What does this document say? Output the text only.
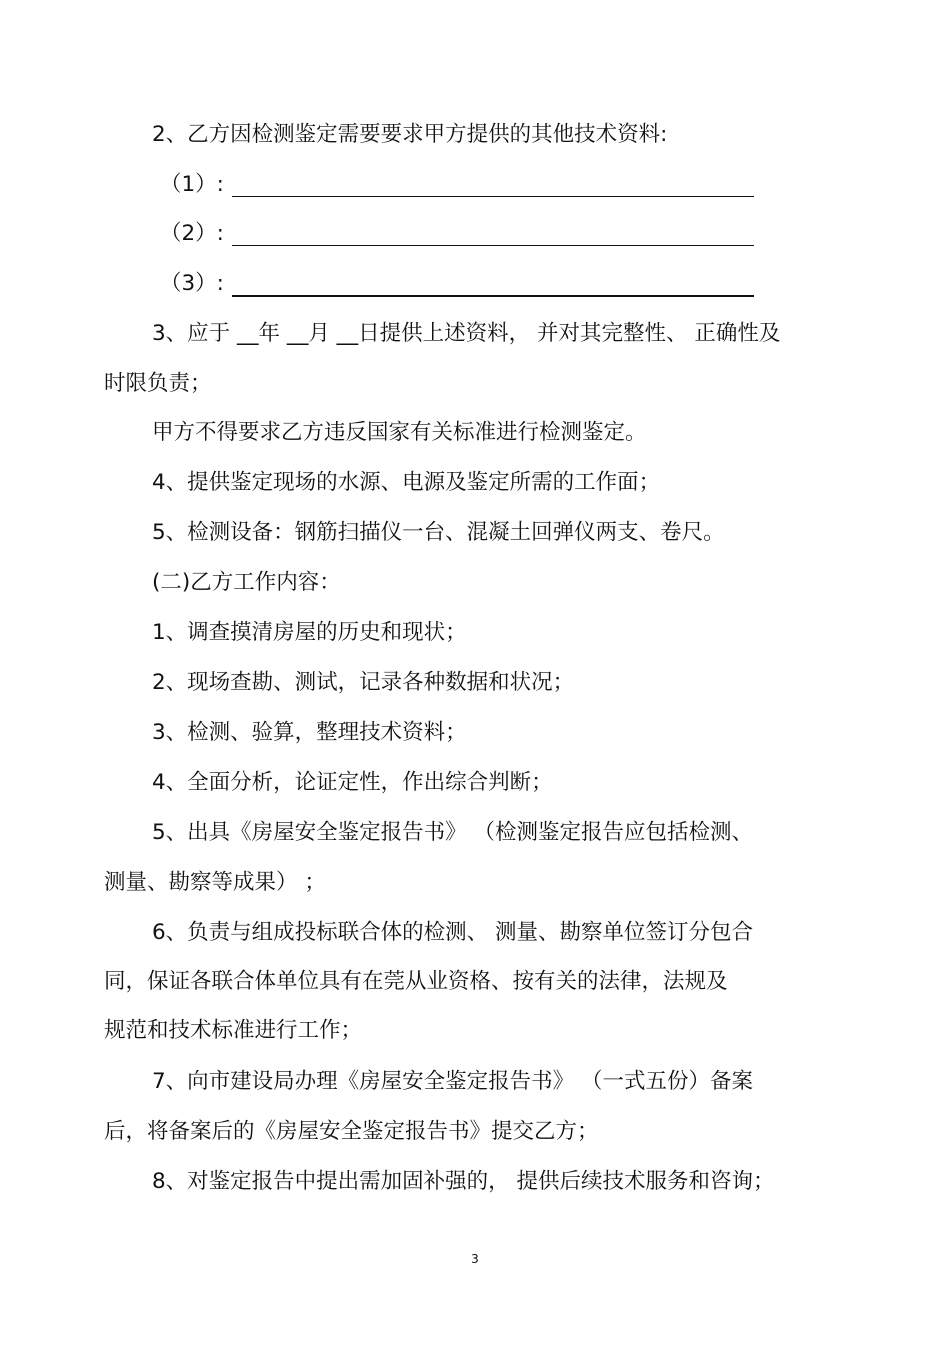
2、乙方因检测鉴定需要要求甲方提供的其他技术资料:
（1）:
（2）:
（3）:
3、应于 __年 __月 __日提供上述资料， 并对其完整性、 正确性及
时限负责；
甲方不得要求乙方违反国家有关标准进行检测鉴定。
4、提供鉴定现场的水源、电源及鉴定所需的工作面；
5、检测设备：钢筋扫描仪一台、混凝土回弹仪两支、卷尺。
(二)乙方工作内容：
1、调查摸清房屋的历史和现状；
2、现场查勘、测试，记录各种数据和状况；
3、检测、验算，整理技术资料；
4、全面分析，论证定性，作出综合判断；
5、出具《房屋安全鉴定报告书》 （检测鉴定报告应包括检测、
测量、勘察等成果） ；
6、负责与组成投标联合体的检测、 测量、勘察单位签订分包合
同，保证各联合体单位具有在莞从业资格、按有关的法律，法规及
规范和技术标准进行工作；
7、向市建设局办理《房屋安全鉴定报告书》 （一式五份）备案
后，将备案后的《房屋安全鉴定报告书》提交乙方；
8、对鉴定报告中提出需加固补强的， 提供后续技术服务和咨询；
3
